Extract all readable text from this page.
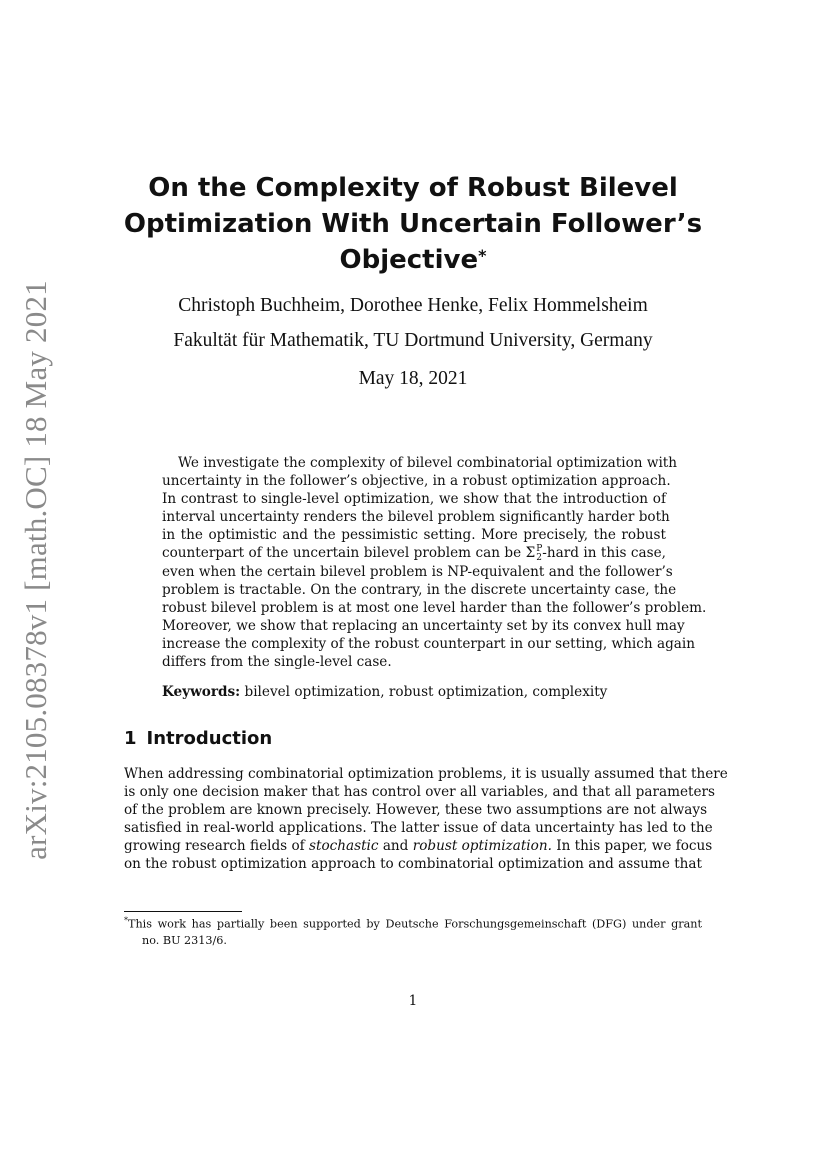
arXiv:2105.08378v1 [math.OC] 18 May 2021
On the Complexity of Robust Bilevel
Optimization With Uncertain Follower’s
Objective*
Christoph Buchheim, Dorothee Henke, Felix Hommelsheim
Fakultät für Mathematik, TU Dortmund University, Germany
May 18, 2021

We investigate the complexity of bilevel combinatorial optimization with
uncertainty in the follower’s objective, in a robust optimization approach.
In contrast to single-level optimization, we show that the introduction of
interval uncertainty renders the bilevel problem significantly harder both
in the optimistic and the pessimistic setting. More precisely, the robust
counterpart of the uncertain bilevel problem can be Σ P
2 -hard in this case,
even when the certain bilevel problem is NP-equivalent and the follower’s
problem is tractable. On the contrary, in the discrete uncertainty case, the
robust bilevel problem is at most one level harder than the follower’s problem.
Moreover, we show that replacing an uncertainty set by its convex hull may
increase the complexity of the robust counterpart in our setting, which again
differs from the single-level case.

Keywords: bilevel optimization, robust optimization, complexity
1 Introduction
When addressing combinatorial optimization problems, it is usually assumed that there
is only one decision maker that has control over all variables, and that all parameters
of the problem are known precisely. However, these two assumptions are not always
satisfied in real-world applications. The latter issue of data uncertainty has led to the
growing research fields of stochastic and robust optimization. In this paper, we focus
on the robust optimization approach to combinatorial optimization and assume that
*This work has partially been supported by Deutsche Forschungsgemeinschaft (DFG) under grant
no. BU 2313/6.
1
